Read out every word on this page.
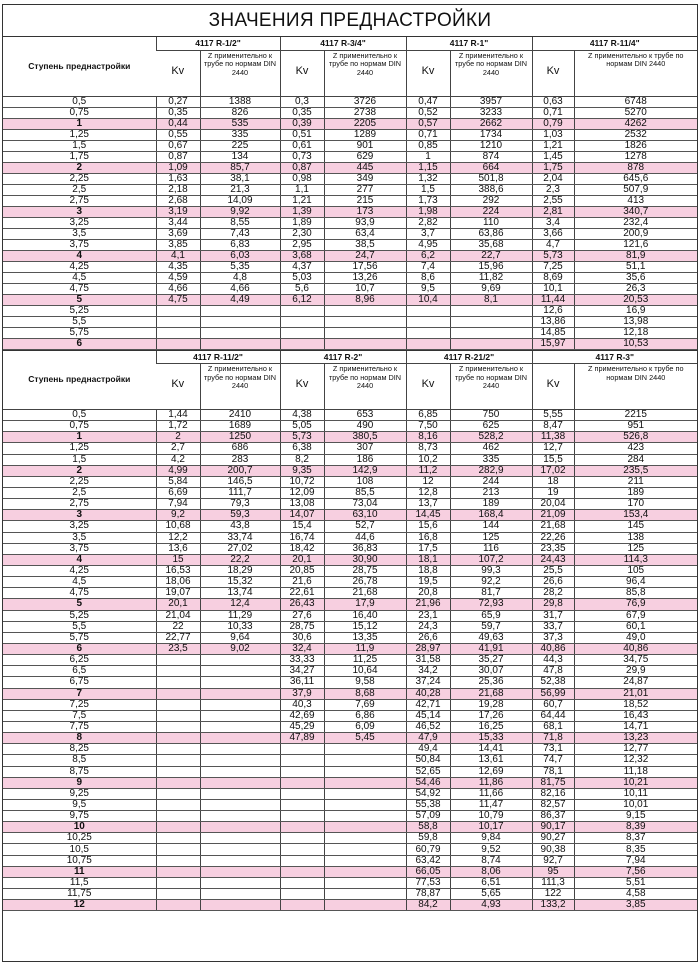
ЗНАЧЕНИЯ ПРЕДНАСТРОЙКИ
Ступень преднастройки	4117 R-1/2"		4117 R-3/4"		4117 R-1"		4117 R-11/4"	
	Kv	Z применительно к трубе по нормам DIN 2440	Kv	Z применительно к трубе по нормам DIN 2440	Kv	Z применительно к трубе по нормам DIN 2440	Kv	Z применительно к трубе по нормам DIN 2440
0,5	0,27	1388	0,3	3726	0,47	3957	0,63	6748
0,75	0,35	826	0,35	2738	0,52	3233	0,71	5270
1	0,44	535	0,39	2205	0,57	2662	0,79	4262
1,25	0,55	335	0,51	1289	0,71	1734	1,03	2532
1,5	0,67	225	0,61	901	0,85	1210	1,21	1826
1,75	0,87	134	0,73	629	1	874	1,45	1278
2	1,09	85,7	0,87	445	1,15	664	1,75	878
2,25	1,63	38,1	0,98	349	1,32	501,8	2,04	645,6
2,5	2,18	21,3	1,1	277	1,5	388,6	2,3	507,9
2,75	2,68	14,09	1,21	215	1,73	292	2,55	413
3	3,19	9,92	1,39	173	1,98	224	2,81	340,7
3,25	3,44	8,55	1,89	93,9	2,82	110	3,4	232,4
3,5	3,69	7,43	2,30	63,4	3,7	63,86	3,66	200,9
3,75	3,85	6,83	2,95	38,5	4,95	35,68	4,7	121,6
4	4,1	6,03	3,68	24,7	6,2	22,7	5,73	81,9
4,25	4,35	5,35	4,37	17,56	7,4	15,96	7,25	51,1
4,5	4,59	4,8	5,03	13,26	8,6	11,82	8,69	35,6
4,75	4,66	4,66	5,6	10,7	9,5	9,69	10,1	26,3
5	4,75	4,49	6,12	8,96	10,4	8,1	11,44	20,53
5,25							12,6	16,9
5,5							13,86	13,98
5,75							14,85	12,18
6							15,97	10,53
Ступень преднастройки	4117 R-11/2"		4117 R-2"		4117 R-21/2"		4117 R-3"	
	Kv	Z применительно к трубе по нормам DIN 2440	Kv	Z применительно к трубе по нормам DIN 2440	Kv	Z применительно к трубе по нормам DIN 2440	Kv	Z применительно к трубе по нормам DIN 2440
0,5	1,44	2410	4,38	653	6,85	750	5,55	2215
0,75	1,72	1689	5,05	490	7,50	625	8,47	951
1	2	1250	5,73	380,5	8,16	528,2	11,38	526,8
1,25	2,7	686	6,38	307	8,73	462	12,7	423
1,5	4,2	283	8,2	186	10,2	335	15,5	284
2	4,99	200,7	9,35	142,9	11,2	282,9	17,02	235,5
2,25	5,84	146,5	10,72	108	12	244	18	211
2,5	6,69	111,7	12,09	85,5	12,8	213	19	189
2,75	7,94	79,3	13,08	73,04	13,7	189	20,04	170
3	9,2	59,3	14,07	63,10	14,45	168,4	21,09	153,4
3,25	10,68	43,8	15,4	52,7	15,6	144	21,68	145
3,5	12,2	33,74	16,74	44,6	16,8	125	22,26	138
3,75	13,6	27,02	18,42	36,83	17,5	116	23,35	125
4	15	22,2	20,1	30,90	18,1	107,2	24,43	114,3
4,25	16,53	18,29	20,85	28,75	18,8	99,3	25,5	105
4,5	18,06	15,32	21,6	26,78	19,5	92,2	26,6	96,4
4,75	19,07	13,74	22,61	21,68	20,8	81,7	28,2	85,8
5	20,1	12,4	26,43	17,9	21,96	72,93	29,8	76,9
5,25	21,04	11,29	27,6	16,40	23,1	65,9	31,7	67,9
5,5	22	10,33	28,75	15,12	24,3	59,7	33,7	60,1
5,75	22,77	9,64	30,6	13,35	26,6	49,63	37,3	49,0
6	23,5	9,02	32,4	11,9	28,97	41,91	40,86	40,86
6,25			33,33	11,25	31,58	35,27	44,3	34,75
6,5			34,27	10,64	34,2	30,07	47,8	29,9
6,75			36,11	9,58	37,24	25,36	52,38	24,87
7			37,9	8,68	40,28	21,68	56,99	21,01
7,25			40,3	7,69	42,71	19,28	60,7	18,52
7,5			42,69	6,86	45,14	17,26	64,44	16,43
7,75			45,29	6,09	46,52	16,25	68,1	14,71
8			47,89	5,45	47,9	15,33	71,8	13,23
8,25					49,4	14,41	73,1	12,77
8,5					50,84	13,61	74,7	12,32
8,75					52,65	12,69	78,1	11,18
9					54,46	11,86	81,75	10,21
9,25					54,92	11,66	82,16	10,11
9,5					55,38	11,47	82,57	10,01
9,75					57,09	10,79	86,37	9,15
10					58,8	10,17	90,17	8,39
10,25					59,8	9,84	90,27	8,37
10,5					60,79	9,52	90,38	8,35
10,75					63,42	8,74	92,7	7,94
11					66,05	8,06	95	7,56
11,5					77,53	6,51	111,3	5,51
11,75					78,87	5,65	122	4,58
12					84,2	4,93	133,2	3,85
